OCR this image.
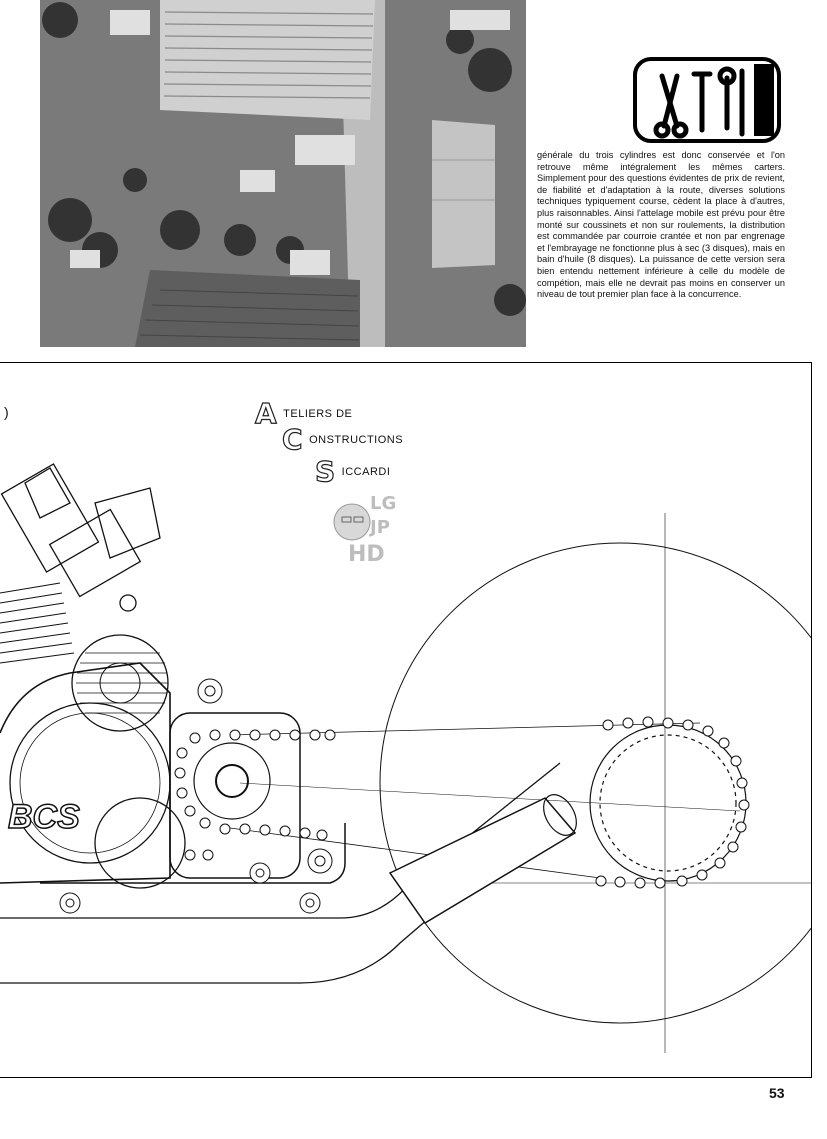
générale du trois cylindres est donc conservée et l'on retrouve même intégralement les mêmes carters. Simplement pour des questions évidentes de prix de revient, de fiabilité et d'adaptation à la route, diverses solutions techniques typiquement course, cèdent la place à d'autres, plus raisonnables. Ainsi l'attelage mobile est prévu pour être monté sur coussinets et non sur roulements, la distribution est commandée par courroie crantée et non par engrenage et l'embrayage ne fonctionne plus à sec (3 disques), mais en bain d'huile (8 disques). La puissance de cette version sera bien entendu nettement inférieure à celle du modèle de compétion, mais elle ne devrait pas moins en conserver un niveau de tout premier plan face à la concurrence.

BCS
)	A TELIERS DE
C ONSTRUCTIONS
S ICCARDI
LG
JP
HD
53
